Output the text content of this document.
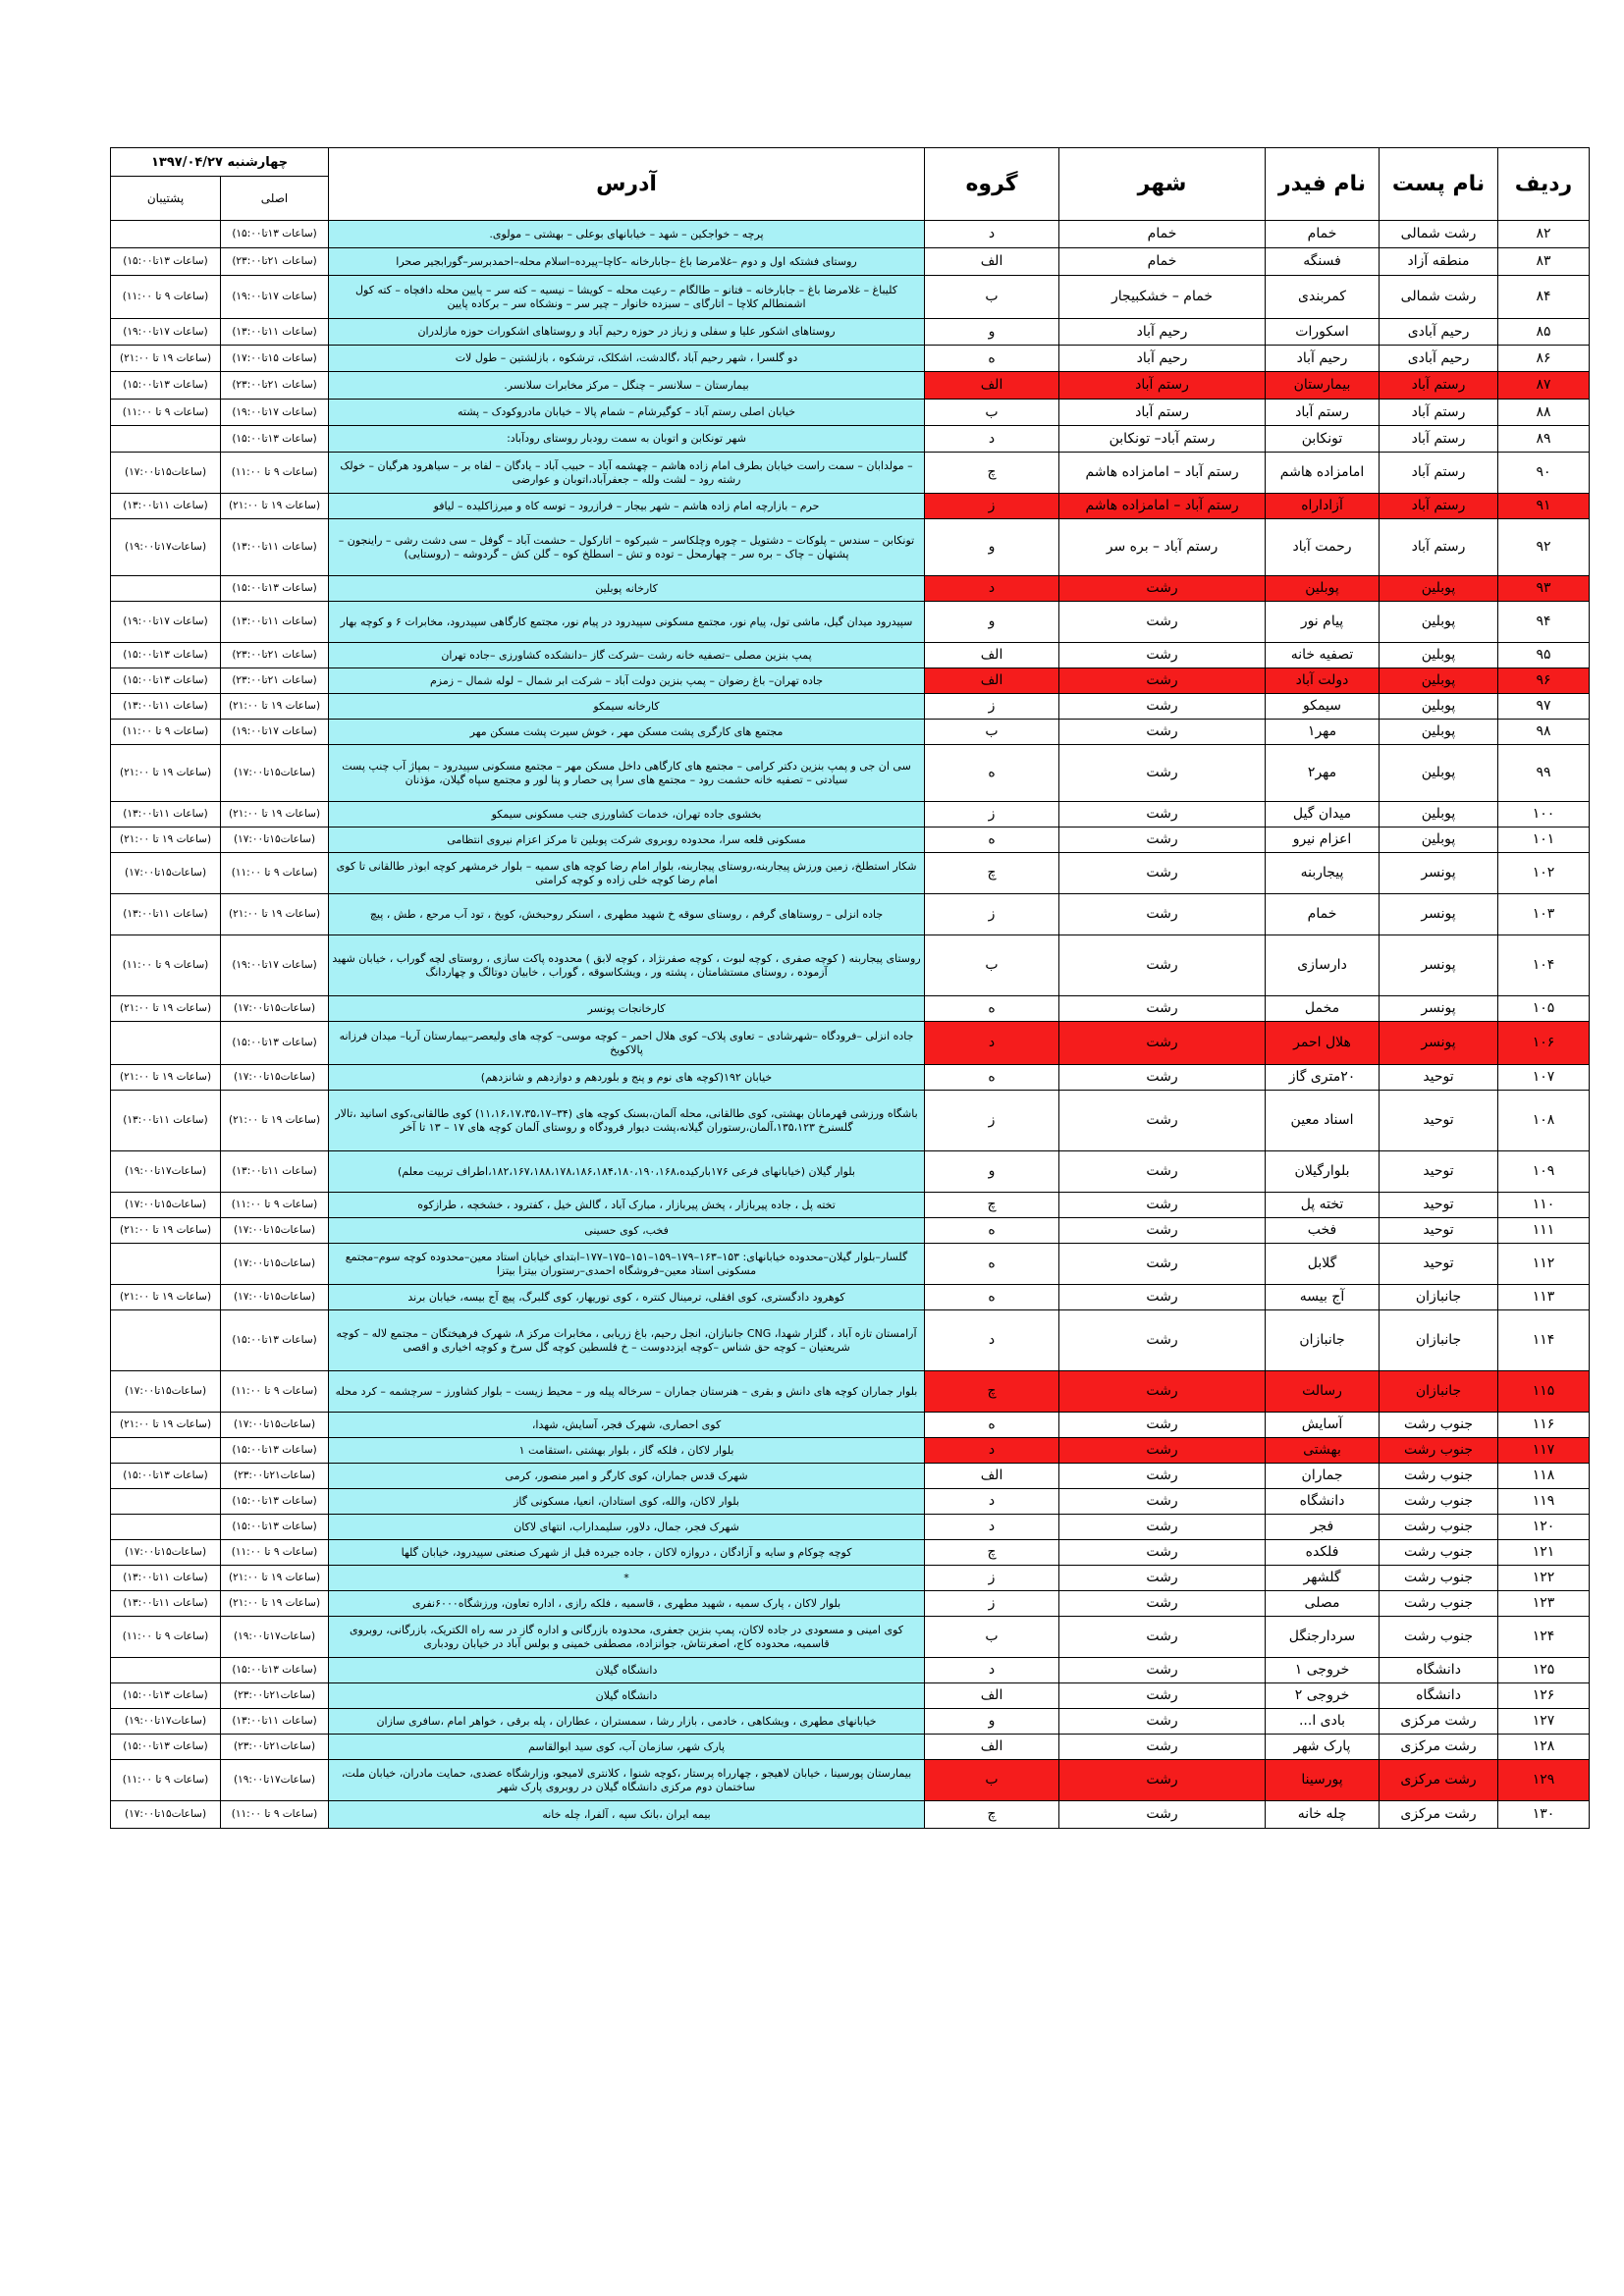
ردیف	نام پست	نام فیدر	شهر	گروه	آدرس	چهارشنبه ۱۳۹۷/۰۴/۲۷	
						اصلی	پشتیبان
۸۲	رشت شمالی	خمام	خمام	د	پرچه – خواجکین – شهد – خیابانهای بوعلی – بهشتی – مولوی.	(ساعات ۱۳تا۱۵:۰۰)	
۸۳	منطقه آزاد	فسنگه	خمام	الف	روستای فشتکه اول و دوم –غلامرضا باغ –جابارخانه –کاچا–پیرده–اسلام محله–احمدبرسر–گورابجیر صحرا	(ساعات ۲۱تا۲۳:۰۰)	(ساعات ۱۳تا۱۵:۰۰)
۸۴	رشت شمالی	کمربندی	خمام – خشکبیجار	ب	کلیباغ – غلامرضا باغ – جابارخانه – فتانو – طالگام – رعیت محله – کویشا – نیسیه – کته سر – پایین محله دافچاه – کته کول اشمنطالم کلاچا – اتارگای – سبزده خانوار – چیر سر – ونشکاه سر – برکاده پایین	(ساعات ۱۷تا۱۹:۰۰)	(ساعات ۹ تا ۱۱:۰۰)
۸۵	رحیم آبادی	اسکورات	رحیم آباد	و	روستاهای اشکور علیا و سفلی و زباز در حوزه رحیم آباد و روستاهای اشکورات حوزه مازلدران	(ساعات ۱۱تا۱۳:۰۰)	(ساعات ۱۷تا۱۹:۰۰)
۸۶	رحیم آبادی	رحیم آباد	رحیم آباد	ه	دو گلسرا ، شهر رحیم آباد ،گالدشت، اشکلک، ترشکوه ، بازلشتین – طول لات	(ساعات ۱۵تا۱۷:۰۰)	(ساعات ۱۹ تا ۲۱:۰۰)
۸۷	رستم آباد	بیمارستان	رستم آباد	الف	بیمارستان – سلانسر – چنگل – مرکز مخابرات سلانسر.	(ساعات ۲۱تا۲۳:۰۰)	(ساعات ۱۳تا۱۵:۰۰)
۸۸	رستم آباد	رستم آباد	رستم آباد	ب	خیابان اصلی رستم آباد – کوگیرشام – شمام پالا – خیابان مادروکودک – پشته	(ساعات ۱۷تا۱۹:۰۰)	(ساعات ۹ تا ۱۱:۰۰)
۸۹	رستم آباد	تونکابن	رستم آباد– تونکابن	د	شهر تونکابن و اتوبان به سمت رودبار روستای رودآباد:	(ساعات ۱۳تا۱۵:۰۰)	
۹۰	رستم آباد	امامزاده هاشم	رستم آباد – امامزاده هاشم	چ	– مولدابان – سمت راست خیابان بطرف امام زاده هاشم – چهشمه آباد – حبیب آباد – یادگان – لفاه بر – سیاهرود هرگیان – خولک رشته رود – لشت ولله – جعفرآباد،اتوبان و عوارضی	(ساعات ۹ تا ۱۱:۰۰)	(ساعات۱۵تا۱۷:۰۰)
۹۱	رستم آباد	آزاداراه	رستم آباد – امامزاده هاشم	ز	حرم – بازارچه امام زاده هاشم – شهر بیجار – فرازرود – توسه کاه و میرزاکلیده – لیافو	(ساعات ۱۹ تا ۲۱:۰۰)	(ساعات ۱۱تا۱۳:۰۰)
۹۲	رستم آباد	رحمت آباد	رستم آباد – بره سر	و	تونکابن – سندس – پلوکات – دشتویل – چوره وچلکاسر – شیرکوه – اتارکول – حشمت آباد – گوفل – سی دشت رشی – راینجون – پشتهان – چاک – بره سر – چهارمحل – توده و تش – اسطلخ کوه – گلن کش – گردوشه – (روستایی)	(ساعات ۱۱تا۱۳:۰۰)	(ساعات۱۷تا۱۹:۰۰)
۹۳	پوبلین	پوبلین	رشت	د	کارخانه پوبلین	(ساعات ۱۳تا۱۵:۰۰)	
۹۴	پوبلین	پیام نور	رشت	و	سپیدرود میدان گیل، ماشی تول، پیام نور، مجتمع مسکونی سپیدرود در پیام نور، مجتمع کارگاهی سپیدرود، مخابرات ۶ و کوچه بهار	(ساعات ۱۱تا۱۳:۰۰)	(ساعات ۱۷تا۱۹:۰۰)
۹۵	پوبلین	تصفیه خانه	رشت	الف	پمپ بنزین مصلی –تصفیه خانه رشت –شرکت گاز –دانشکده کشاورزی –جاده تهران	(ساعات ۲۱تا۲۳:۰۰)	(ساعات ۱۳تا۱۵:۰۰)
۹۶	پوبلین	دولت آباد	رشت	الف	جاده تهران– باغ رضوان – پمپ بنزین دولت آباد – شرکت ابر شمال – لوله شمال – زمزم	(ساعات ۲۱تا۲۳:۰۰)	(ساعات ۱۳تا۱۵:۰۰)
۹۷	پوبلین	سیمکو	رشت	ز	کارخانه سیمکو	(ساعات ۱۹ تا ۲۱:۰۰)	(ساعات ۱۱تا۱۳:۰۰)
۹۸	پوبلین	مهر۱	رشت	ب	مجتمع های کارگری پشت مسکن مهر ، خوش سیرت پشت مسکن مهر	(ساعات ۱۷تا۱۹:۰۰)	(ساعات ۹ تا ۱۱:۰۰)
۹۹	پوبلین	مهر۲	رشت	ه	سی ان جی و پمپ بنزین دکتر کرامی – مجتمع های کارگاهی داخل مسکن مهر – مجتمع مسکونی سپیدرود – بمپاژ آب چنپ پست سیادتی – تصفیه خانه حشمت رود – مجتمع های سرا پی حصار و پنا لور و مجتمع سپاه گیلان، مؤذنان	(ساعات۱۵تا۱۷:۰۰)	(ساعات ۱۹ تا ۲۱:۰۰)
۱۰۰	پوبلین	میدان گیل	رشت	ز	بخشوی جاده تهران، خدمات کشاورزی جنب مسکونی سیمکو	(ساعات ۱۹ تا ۲۱:۰۰)	(ساعات ۱۱تا۱۳:۰۰)
۱۰۱	پوبلین	اعزام نیرو	رشت	ه	مسکونی قلعه سرا، محدوده روبروی شرکت پوبلین تا مرکز اعزام نیروی انتظامی	(ساعات۱۵تا۱۷:۰۰)	(ساعات ۱۹ تا ۲۱:۰۰)
۱۰۲	پونسر	پیجاربنه	رشت	چ	شکار استطلخ، زمین ورزش پیجاربنه،روستای پیجاربنه، بلوار امام رضا کوچه های سمیه – بلوار خرمشهر کوچه ابوذر طالقانی تا کوی امام رضا کوچه خلی زاده و کوچه کرامتی	(ساعات ۹ تا ۱۱:۰۰)	(ساعات۱۵تا۱۷:۰۰)
۱۰۳	پونسر	خمام	رشت	ز	جاده انزلی – روستاهای گرفم ، روستای سوقه خ شهید مطهری ، اسنکر روحبخش، کویخ ، تود آب مرحع ، طش ، پیچ	(ساعات ۱۹ تا ۲۱:۰۰)	(ساعات ۱۱تا۱۳:۰۰)
۱۰۴	پونسر	دارسازی	رشت	ب	روستای پیجاربنه ( کوچه صفری ، کوچه لبوت ، کوچه صفرنژاد ، کوچه لابق ) محدوده پاکت سازی ، روستای لچه گوراب ، خیابان شهید آزموده ، روستای مستشامتان ، پشته ور ، ویشکاسوقه ، گوراب ، خابیان دوتالگ و چهاردانگ	(ساعات ۱۷تا۱۹:۰۰)	(ساعات ۹ تا ۱۱:۰۰)
۱۰۵	پونسر	مخمل	رشت	ه	کارخانجات پونسر	(ساعات۱۵تا۱۷:۰۰)	(ساعات ۱۹ تا ۲۱:۰۰)
۱۰۶	پونسر	هلال احمر	رشت	د	جاده انزلی –فرودگاه –شهرشادی – تعاوی پلاک– کوی هلال احمر – کوچه موسی– کوچه های ولیعصر–بیمارستان آریا– میدان فرزانه پالاکویخ	(ساعات ۱۳تا۱۵:۰۰)	
۱۰۷	توحید	۲۰متری گاز	رشت	ه	خیابان ۱۹۲(کوچه های نوم و پنج و بلوردهم و دوازدهم و شانزدهم)	(ساعات۱۵تا۱۷:۰۰)	(ساعات ۱۹ تا ۲۱:۰۰)
۱۰۸	توحید	اسناد معین	رشت	ز	باشگاه ورزشی قهرمانان بهشتی، کوی طالقانی، محله آلمان،بسنک کوچه های (۳۴–۱۱،۱۶،۱۷،۳۵،۱۷) کوی طالقانی،کوی اسانید ،تالار گلسنرخ ۱۳۵،۱۲۳،آلمان،رستوران گیلانه،پشت دیوار فرودگاه و روستای آلمان کوچه های ۱۷ – ۱۳ تا آخر	(ساعات ۱۹ تا ۲۱:۰۰)	(ساعات ۱۱تا۱۳:۰۰)
۱۰۹	توحید	بلوارگیلان	رشت	و	بلوار گیلان (خیابانهای فرعی ۱۷۶بارکیده،۱۸۲،۱۶۷،۱۸۸،۱۷۸،۱۸۶،۱۸۴،۱۸۰،۱۹۰،۱۶۸،اطراف تربیت معلم)	(ساعات ۱۱تا۱۳:۰۰)	(ساعات۱۷تا۱۹:۰۰)
۱۱۰	توحید	تخته پل	رشت	چ	تخته پل ، جاده پیربازار ، پخش پیربازار ، مبارک آباد ، گالش خیل ، کفترود ، خشخچه ، طرازکوه	(ساعات ۹ تا ۱۱:۰۰)	(ساعات۱۵تا۱۷:۰۰)
۱۱۱	توحید	فخب	رشت	ه	فخب، کوی حسینی	(ساعات۱۵تا۱۷:۰۰)	(ساعات ۱۹ تا ۲۱:۰۰)
۱۱۲	توحید	گلابل	رشت	ه	گلسار–بلوار گیلان–محدوده خیابانهای: ۱۵۳–۱۶۳–۱۷۹–۱۵۹–۱۵۱–۱۷۵–۱۷۷–ابتدای خیابان استاد معین–محدوده کوچه سوم–مجتمع مسکونی استاد معین–فروشگاه احمدی–رستوران بیتزا بیتزا	(ساعات۱۵تا۱۷:۰۰)	
۱۱۳	جانبازان	آج بیسه	رشت	ه	کوهرود دادگستری، کوی افقلی، ترمینال کنتره ، کوی توریهار، کوی گلبرگ، پیچ آج بیسه، خیابان برند	(ساعات۱۵تا۱۷:۰۰)	(ساعات ۱۹ تا ۲۱:۰۰)
۱۱۴	جانبازان	جانبازان	رشت	د	آرامستان تازه آباد ، گلزار شهدا، CNG جانبازان، انجل رحیم، باغ زریابی ، مخابرات مرکز ۸، شهرک فرهیختگان – مجتمع لاله – کوچه شریعتیان – کوچه حق شناس –کوچه ایزددوست – خ فلسطین کوچه گل سرخ و کوچه اخیاری و اقصی	(ساعات ۱۳تا۱۵:۰۰)	
۱۱۵	جانبازان	رسالت	رشت	چ	بلوار جماران کوچه های دانش و بقری – هنرستان جماران – سرخاله پیله ور – محیط زیست – بلوار کشاورز – سرچشمه – کرد محله	(ساعات ۹ تا ۱۱:۰۰)	(ساعات۱۵تا۱۷:۰۰)
۱۱۶	جنوب رشت	آسایش	رشت	ه	کوی احصاری، شهرک فجر، آسایش، شهدا،	(ساعات۱۵تا۱۷:۰۰)	(ساعات ۱۹ تا ۲۱:۰۰)
۱۱۷	جنوب رشت	بهشتی	رشت	د	بلوار لاکان ، فلکه گاز ، بلوار بهشتی ،استقامت ۱	(ساعات ۱۳تا۱۵:۰۰)	
۱۱۸	جنوب رشت	جماران	رشت	الف	شهرک قدس جماران، کوی کارگر و امیر منصور، کرمی	(ساعات۲۱تا۲۳:۰۰)	(ساعات ۱۳تا۱۵:۰۰)
۱۱۹	جنوب رشت	دانشگاه	رشت	د	بلوار لاکان، والله، کوی استادان، انعیا، مسکونی گاز	(ساعات ۱۳تا۱۵:۰۰)	
۱۲۰	جنوب رشت	فجر	رشت	د	شهرک فجر، جمال، دلاور، سلیمداراب، انتهای لاکان	(ساعات ۱۳تا۱۵:۰۰)	
۱۲۱	جنوب رشت	فلکده	رشت	چ	کوچه چوکام و سایه و آزادگان ، دروازه لاکان ، جاده جیرده قبل از شهرک صنعتی سپیدرود، خیابان گلها	(ساعات ۹ تا ۱۱:۰۰)	(ساعات۱۵تا۱۷:۰۰)
۱۲۲	جنوب رشت	گلشهر	رشت	ز	*	(ساعات ۱۹ تا ۲۱:۰۰)	(ساعات ۱۱تا۱۳:۰۰)
۱۲۳	جنوب رشت	مصلی	رشت	ز	بلوار لاکان ، پارک سمیه ، شهید مطهری ، قاسمیه ، فلکه رازی ، اداره تعاون، ورزشگاه۶۰۰۰نفری	(ساعات ۱۹ تا ۲۱:۰۰)	(ساعات ۱۱تا۱۳:۰۰)
۱۲۴	جنوب رشت	سردارجنگل	رشت	ب	کوی امینی و مسعودی در جاده لاکان، پمپ بنزین جعفری، محدوده بازرگانی و اداره گاز در سه راه الکتریک، بازرگانی، روبروی قاسمیه، محدوده کاج، اصغرنتاش، جوانزاده، مصطفی خمینی و بولس آباد در خیابان رودباری	(ساعات۱۷تا۱۹:۰۰)	(ساعات ۹ تا ۱۱:۰۰)
۱۲۵	دانشگاه	خروجی ۱	رشت	د	دانشگاه گیلان	(ساعات ۱۳تا۱۵:۰۰)	
۱۲۶	دانشگاه	خروجی ۲	رشت	الف	دانشگاه گیلان	(ساعات۲۱تا۲۳:۰۰)	(ساعات ۱۳تا۱۵:۰۰)
۱۲۷	رشت مرکزی	بادی ا...	رشت	و	خیابانهای مطهری ، ویشکاهی ، خادمی ، بازار رشا ، سمستران ، عطاران ، پله برقی ، خواهر امام ،سافری سازان	(ساعات ۱۱تا۱۳:۰۰)	(ساعات۱۷تا۱۹:۰۰)
۱۲۸	رشت مرکزی	پارک شهر	رشت	الف	پارک شهر، سازمان آب، کوی سید ابوالقاسم	(ساعات۲۱تا۲۳:۰۰)	(ساعات ۱۳تا۱۵:۰۰)
۱۲۹	رشت مرکزی	پورسینا	رشت	ب	بیمارستان پورسینا ، خیابان لاهیجو ، چهارراه پرستار ،کوچه شنوا ، کلانتری لامیجو، وزارشگاه عضدی، حمایت مادران، خیابان ملت، ساختمان دوم مرکزی دانشگاه گیلان در روبروی پارک شهر	(ساعات۱۷تا۱۹:۰۰)	(ساعات ۹ تا ۱۱:۰۰)
۱۳۰	رشت مرکزی	چله خانه	رشت	چ	بیمه ایران ،بانک سپه ، آلفرا، چله خانه	(ساعات ۹ تا ۱۱:۰۰)	(ساعات۱۵تا۱۷:۰۰)
